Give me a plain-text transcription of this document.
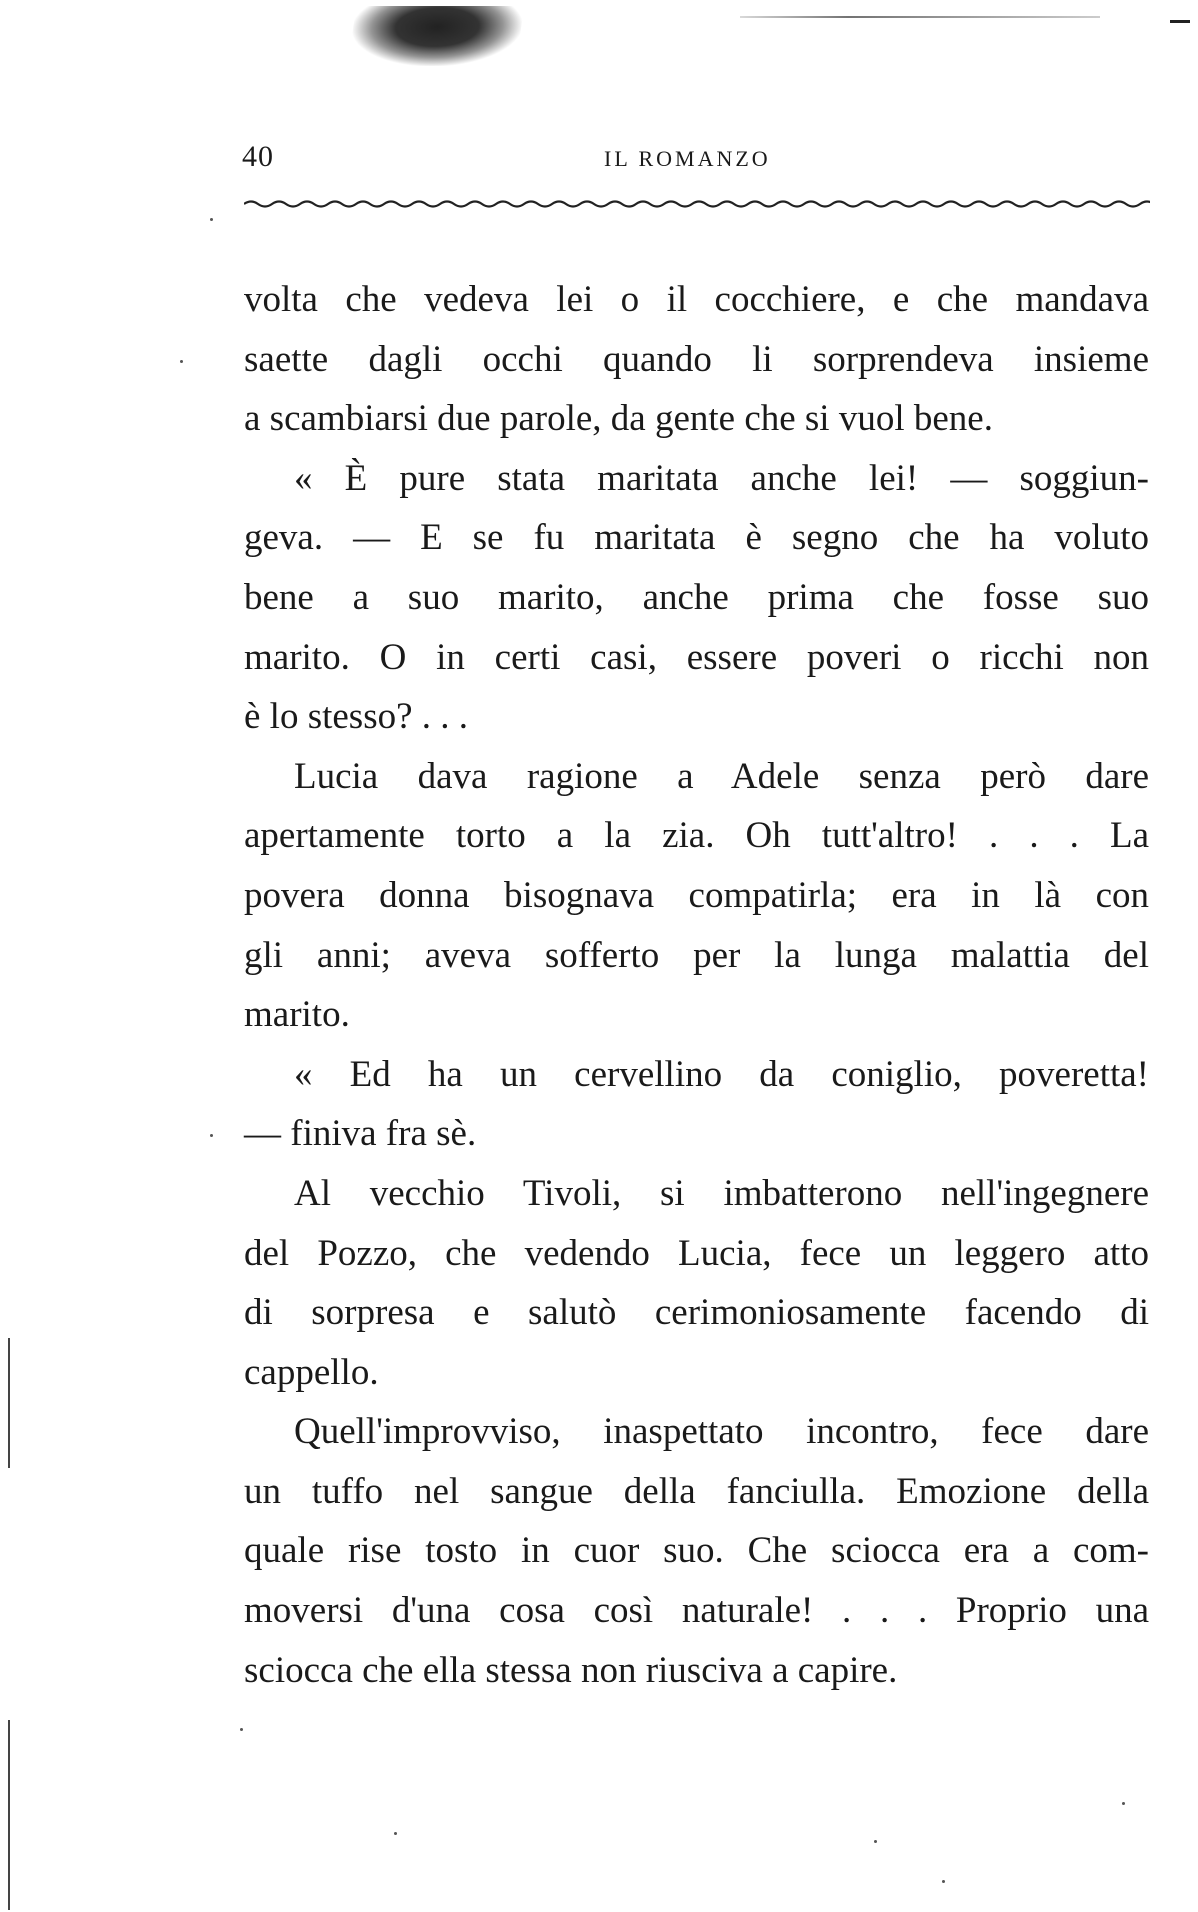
40	IL ROMANZO
volta che vedeva lei o il cocchiere, e che mandava
saette dagli occhi quando li sorprendeva insieme
a scambiarsi due parole, da gente che si vuol bene.
« È pure stata maritata anche lei! — soggiun-
geva. — E se fu maritata è segno che ha voluto
bene a suo marito, anche prima che fosse suo
marito. O in certi casi, essere poveri o ricchi non
è lo stesso? . . .
Lucia dava ragione a Adele senza però dare
apertamente torto a la zia. Oh tutt'altro! . . . La
povera donna bisognava compatirla; era in là con
gli anni; aveva sofferto per la lunga malattia del
marito.
« Ed ha un cervellino da coniglio, poveretta!
— finiva fra sè.
Al vecchio Tivoli, si imbatterono nell'ingegnere
del Pozzo, che vedendo Lucia, fece un leggero atto
di sorpresa e salutò cerimoniosamente facendo di
cappello.
Quell'improvviso, inaspettato incontro, fece dare
un tuffo nel sangue della fanciulla. Emozione della
quale rise tosto in cuor suo. Che sciocca era a com-
moversi d'una cosa così naturale! . . . Proprio una
sciocca che ella stessa non riusciva a capire.
